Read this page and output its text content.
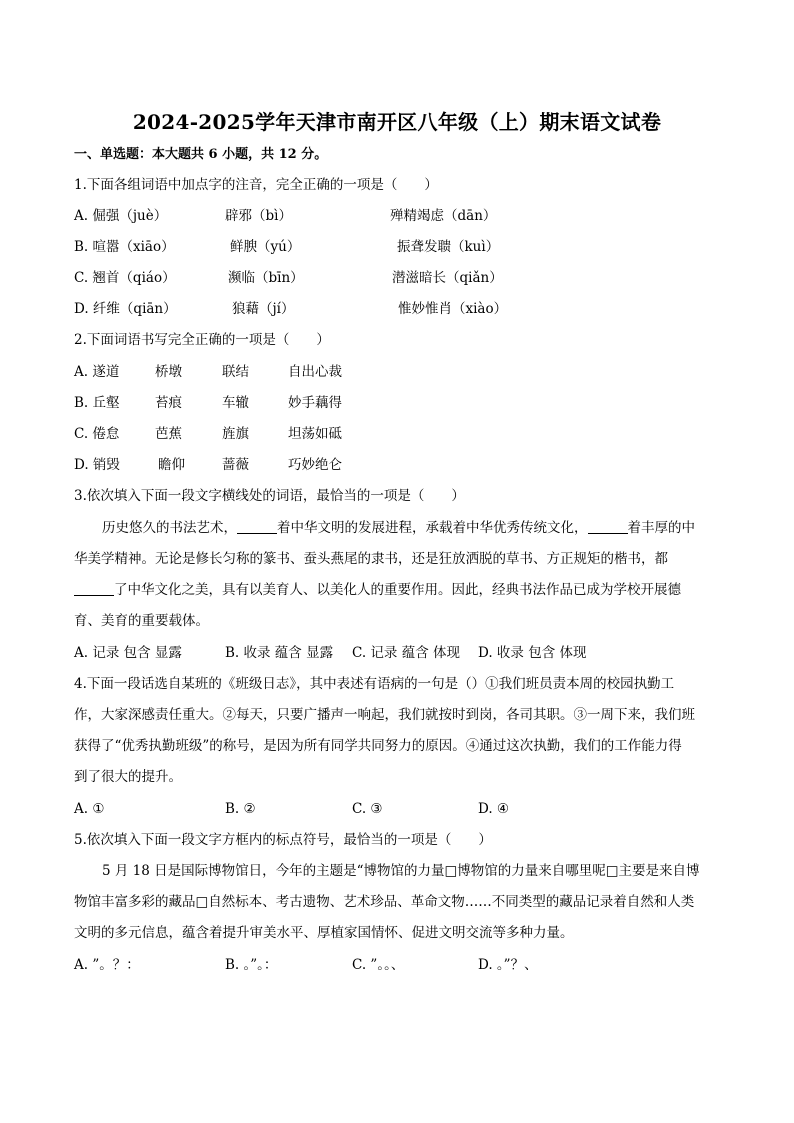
2024-2025学年天津市南开区八年级（上）期末语文试卷
一、单选题：本大题共 6 小题，共 12 分。
1.下面各组词语中加点字的注音，完全正确的一项是（　　）
A. 倔强（juè）	辟邪（bì）	殚精竭虑（dān）
B. 喧嚣（xiāo）	鲜腴（yú）	振聋发聩（kuì）
C. 翘首（qiáo）	濒临（bīn）	潜滋暗长（qiǎn）
D. 纤维（qiān）	狼藉（jí）	惟妙惟肖（xiào）
2.下面词语书写完全正确的一项是（　　）
A. 遂道	桥墩	联结	自出心裁
B. 丘壑	苔痕	车辙	妙手藕得
C. 倦怠	芭蕉	旌旗	坦荡如砥
D. 销毁	瞻仰	蔷薇	巧妙绝仑
3.依次填入下面一段文字横线处的词语，最恰当的一项是（　　）
历史悠久的书法艺术，	着中华文明的发展进程，承载着中华优秀传统文化，	着丰厚的中
华美学精神。无论是修长匀称的篆书、蚕头燕尾的隶书，还是狂放洒脱的草书、方正规矩的楷书，都
了中华文化之美，具有以美育人、以美化人的重要作用。因此，经典书法作品已成为学校开展德
育、美育的重要载体。
A. 记录 包含 显露	B. 收录 蕴含 显露 C. 记录 蕴含 体现 D. 收录 包含 体现
4.下面一段话选自某班的《班级日志》，其中表述有语病的一句是（）①我们班员责本周的校园执勤工
作，大家深感责任重大。②每天，只要广播声一响起，我们就按时到岗，各司其职。③一周下来，我们班
获得了“优秀执勤班级”的称号，是因为所有同学共同努力的原因。④通过这次执勤，我们的工作能力得
到了很大的提升。
A. ①	B. ②	C. ③	D. ④
5.依次填入下面一段文字方框内的标点符号，最恰当的一项是（　　）
5 月 18 日是国际博物馆日，今年的主题是“博物馆的力量□博物馆的力量来自哪里呢□主要是来自博
物馆丰富多彩的藏品□自然标本、考古遗物、艺术珍品、革命文物……不同类型的藏品记录着自然和人类
文明的多元信息，蕴含着提升审美水平、厚植家国情怀、促进文明交流等多种力量。
A. ”。？：	B. 。”。：	C. ”。。、	D. 。”？、
